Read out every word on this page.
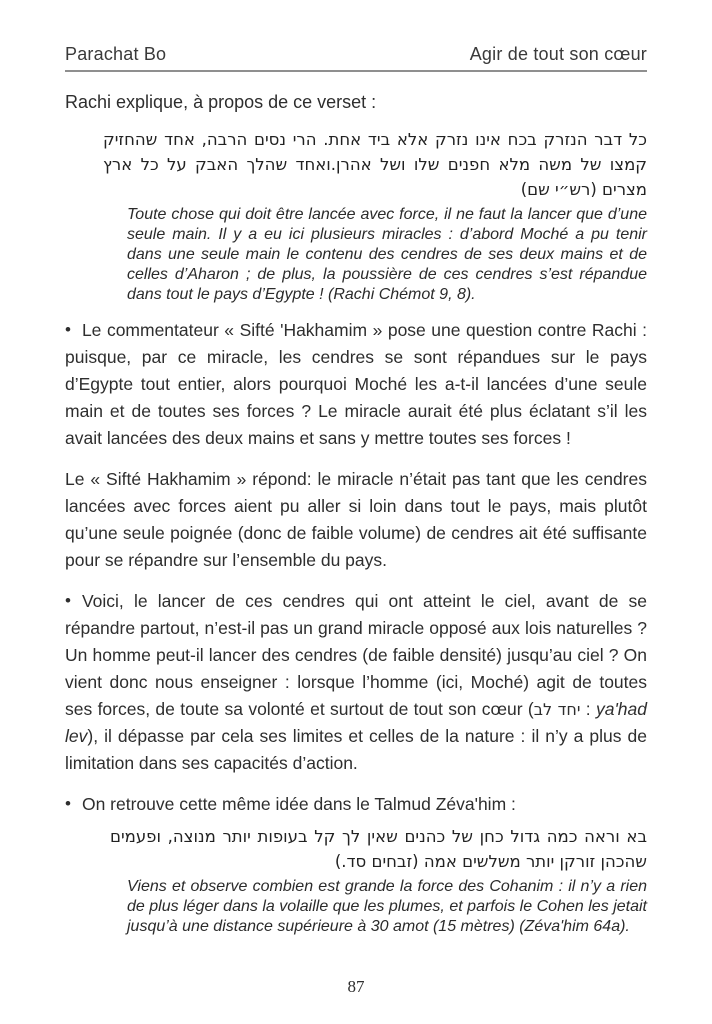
Parachat Bo	Agir de tout son cœur

Rachi explique, à propos de ce verset :

כל דבר הנזרק בכח אינו נזרק אלא ביד אחת. הרי נסים הרבה, אחד שהחזיק קמצו של משה מלא חפנים שלו ושל אהרן.ואחד שהלך האבק על כל ארץ מצרים (רש״י שם)
Toute chose qui doit être lancée avec force, il ne faut la lancer que d’une seule main. Il y a eu ici plusieurs miracles : d’abord Moché a pu tenir dans une seule main le contenu des cendres de ses deux mains et de celles d’Aharon ; de plus, la poussière de ces cendres s’est répandue dans tout le pays d’Egypte ! (Rachi Chémot 9, 8).

• Le commentateur « Sifté 'Hakhamim » pose une question contre Rachi : puisque, par ce miracle, les cendres se sont répandues sur le pays d’Egypte tout entier, alors pourquoi Moché les a-t-il lancées d’une seule main et de toutes ses forces ? Le miracle aurait été plus éclatant s’il les avait lancées des deux mains et sans y mettre toutes ses forces !

Le « Sifté Hakhamim » répond: le miracle n’était pas tant que les cendres lancées avec forces aient pu aller si loin dans tout le pays, mais plutôt qu’une seule poignée (donc de faible volume) de cendres ait été suffisante pour se répandre sur l’ensemble du pays.

• Voici, le lancer de ces cendres qui ont atteint le ciel, avant de se répandre partout, n’est-il pas un grand miracle opposé aux lois naturelles ? Un homme peut-il lancer des cendres (de faible densité) jusqu’au ciel ? On vient donc nous enseigner : lorsque l’homme (ici, Moché) agit de toutes ses forces, de toute sa volonté et surtout de tout son cœur (יחד לב : ya'had lev), il dépasse par cela ses limites et celles de la nature : il n’y a plus de limitation dans ses capacités d’action.

• On retrouve cette même idée dans le Talmud Zéva'him :

בא וראה כמה גדול כחן של כהנים שאין לך קל בעופות יותר מנוצה, ופעמים שהכהן זורקן יותר משלשים אמה (זבחים סד.)
Viens et observe combien est grande la force des Cohanim : il n’y a rien de plus léger dans la volaille que les plumes, et parfois le Cohen les jetait jusqu’à une distance supérieure à 30 amot (15 mètres) (Zéva'him 64a).
87
